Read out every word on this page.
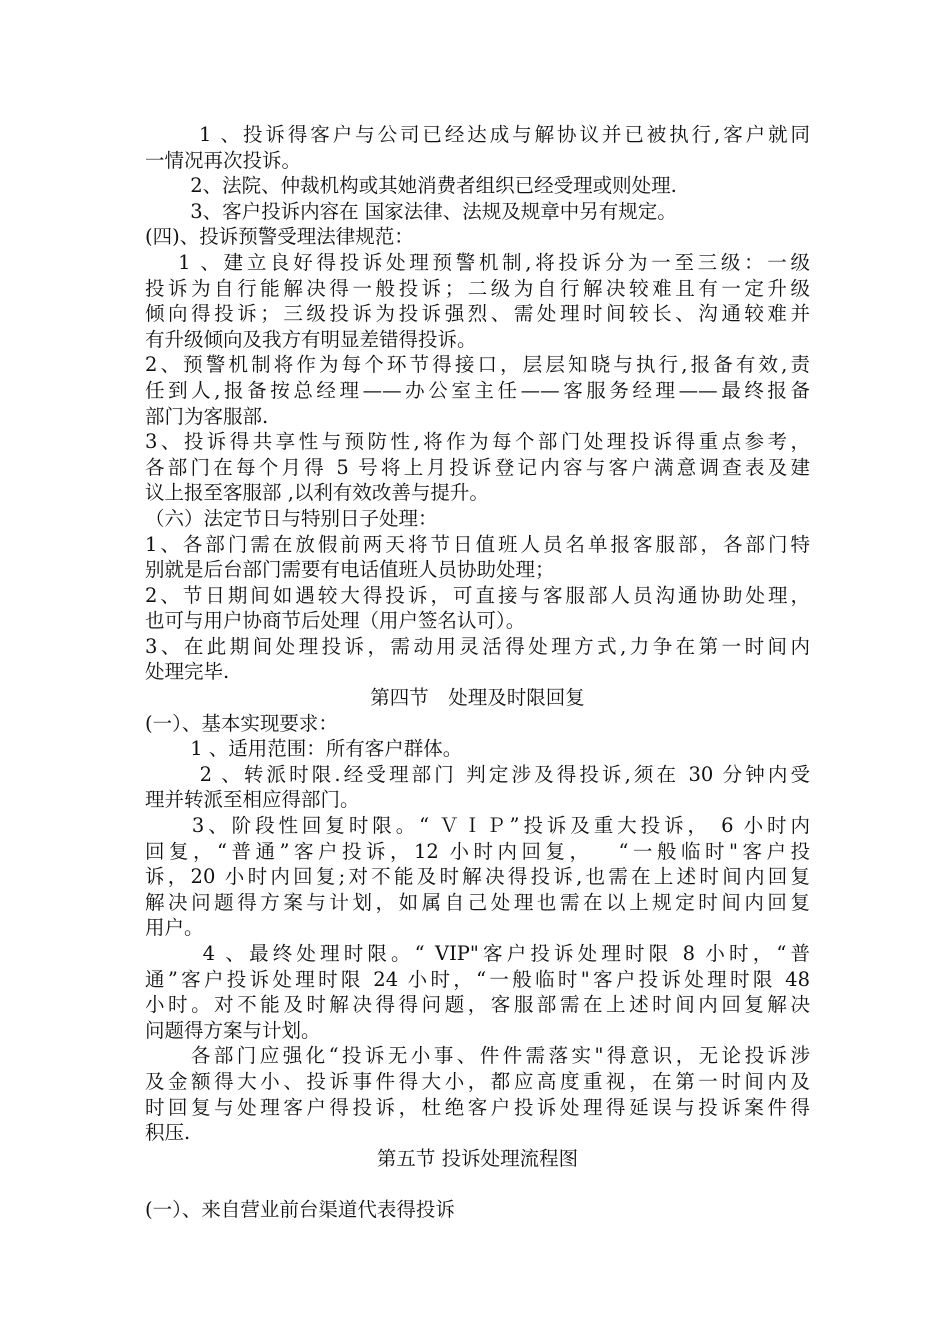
　　 1 、投诉得客户与公司已经达成与解协议并已被执行,客户就同

一情况再次投诉。

　　 2、法院、仲裁机构或其她消费者组织已经受理或则处理.

　　 3、客户投诉内容在 国家法律、法规及规章中另有规定。

(四)、投诉预警受理法律规范：

　 1 、建立良好得投诉处理预警机制,将投诉分为一至三级：一级

投诉为自行能解决得一般投诉；二级为自行解决较难且有一定升级

倾向得投诉；三级投诉为投诉强烈、需处理时间较长、沟通较难并

有升级倾向及我方有明显差错得投诉。

2、预警机制将作为每个环节得接口，层层知晓与执行,报备有效,责

任到人,报备按总经理——办公室主任——客服务经理——最终报备

部门为客服部.

3、投诉得共享性与预防性,将作为每个部门处理投诉得重点参考，

各部门在每个月得 5 号将上月投诉登记内容与客户满意调查表及建

议上报至客服部 ,以利有效改善与提升。

（六）法定节日与特别日子处理：

1、各部门需在放假前两天将节日值班人员名单报客服部，各部门特

别就是后台部门需要有电话值班人员协助处理；

2、节日期间如遇较大得投诉，可直接与客服部人员沟通协助处理，

也可与用户协商节后处理（用户签名认可）。

3、在此期间处理投诉，需动用灵活得处理方式,力争在第一时间内

处理完毕.

第四节　处理及时限回复

(一）、基本实现要求：

　　 1 、适用范围：所有客户群体。

　　 2 、转派时限.经受理部门 判定涉及得投诉,须在 30 分钟内受

理并转派至相应得部门。

　　3、阶段性回复时限。“ ＶＩＰ”投诉及重大投诉， 6 小时内

回复，“普通”客户投诉，12 小时内回复，　 “一般临时"客户投

诉，20 小时内回复;对不能及时解决得投诉,也需在上述时间内回复

解决问题得方案与计划，如属自己处理也需在以上规定时间内回复

用户。

　　 4 、最终处理时限。“ VIP"客户投诉处理时限 8 小时，“普

通”客户投诉处理时限 24 小时，“一般临时"客户投诉处理时限 48

小时。对不能及时解决得得问题，客服部需在上述时间内回复解决

问题得方案与计划。

　　各部门应强化“投诉无小事、件件需落实"得意识，无论投诉涉

及金额得大小、投诉事件得大小，都应高度重视，在第一时间内及

时回复与处理客户得投诉，杜绝客户投诉处理得延误与投诉案件得

积压.

第五节 投诉处理流程图

(一）、来自营业前台渠道代表得投诉
